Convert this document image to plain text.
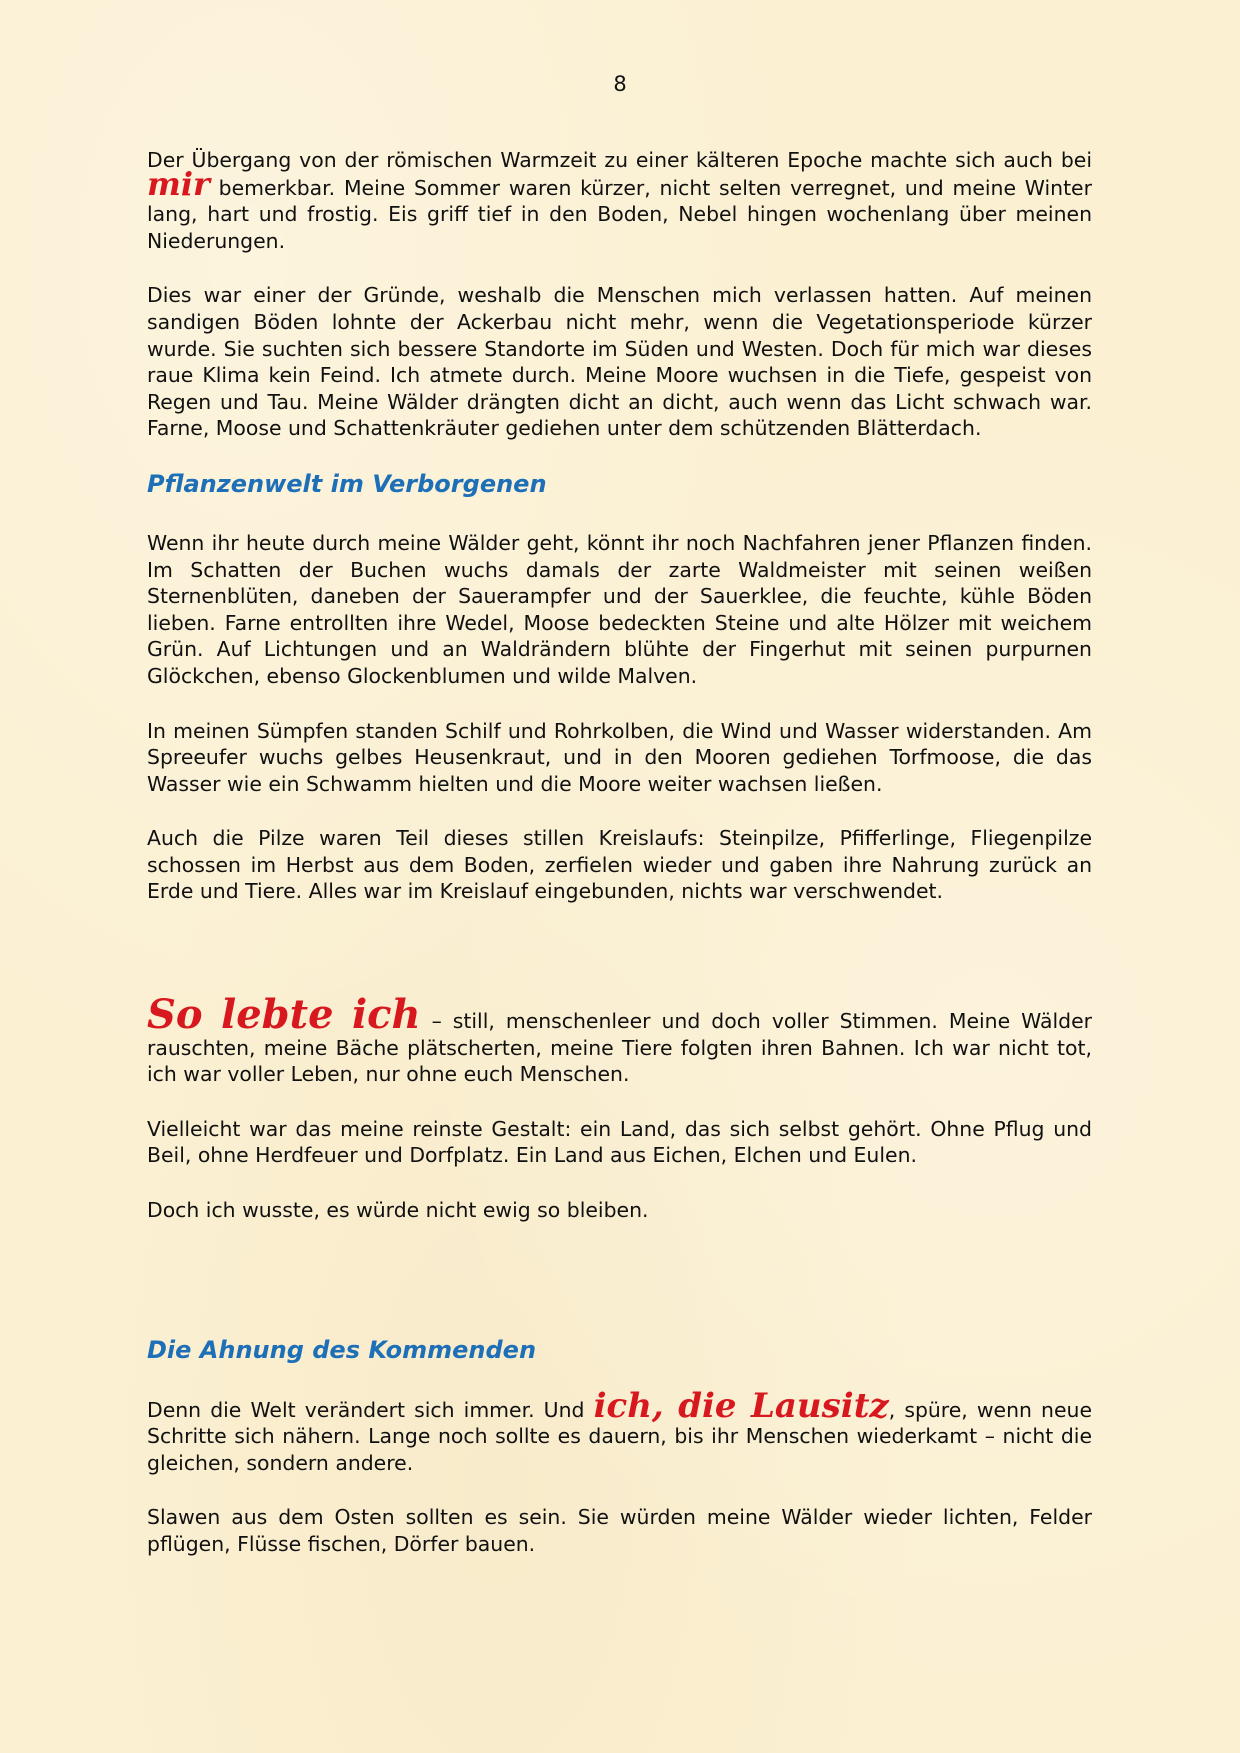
8

Der Übergang von der römischen Warmzeit zu einer kälteren Epoche machte sich auch bei mir bemerkbar. Meine Sommer waren kürzer, nicht selten verregnet, und meine Winter lang, hart und frostig. Eis griff tief in den Boden, Nebel hingen wochenlang über meinen Niederungen.

Dies war einer der Gründe, weshalb die Menschen mich verlassen hatten. Auf meinen sandigen Böden lohnte der Ackerbau nicht mehr, wenn die Vegetationsperiode kürzer wurde. Sie suchten sich bessere Standorte im Süden und Westen. Doch für mich war dieses raue Klima kein Feind. Ich atmete durch. Meine Moore wuchsen in die Tiefe, gespeist von Regen und Tau. Meine Wälder drängten dicht an dicht, auch wenn das Licht schwach war. Farne, Moose und Schattenkräuter gediehen unter dem schützenden Blätterdach.

Pflanzenwelt im Verborgenen

Wenn ihr heute durch meine Wälder geht, könnt ihr noch Nachfahren jener Pflanzen finden. Im Schatten der Buchen wuchs damals der zarte Waldmeister mit seinen weißen Sternenblüten, daneben der Sauerampfer und der Sauerklee, die feuchte, kühle Böden lieben. Farne entrollten ihre Wedel, Moose bedeckten Steine und alte Hölzer mit weichem Grün. Auf Lichtungen und an Waldrändern blühte der Fingerhut mit seinen purpurnen Glöckchen, ebenso Glockenblumen und wilde Malven.

In meinen Sümpfen standen Schilf und Rohrkolben, die Wind und Wasser widerstanden. Am Spreeufer wuchs gelbes Heusenkraut, und in den Mooren gediehen Torfmoose, die das Wasser wie ein Schwamm hielten und die Moore weiter wachsen ließen.

Auch die Pilze waren Teil dieses stillen Kreislaufs: Steinpilze, Pfifferlinge, Fliegenpilze schossen im Herbst aus dem Boden, zerfielen wieder und gaben ihre Nahrung zurück an Erde und Tiere. Alles war im Kreislauf eingebunden, nichts war verschwendet.

So lebte ich – still, menschenleer und doch voller Stimmen. Meine Wälder rauschten, meine Bäche plätscherten, meine Tiere folgten ihren Bahnen. Ich war nicht tot, ich war voller Leben, nur ohne euch Menschen.

Vielleicht war das meine reinste Gestalt: ein Land, das sich selbst gehört. Ohne Pflug und Beil, ohne Herdfeuer und Dorfplatz. Ein Land aus Eichen, Elchen und Eulen.

Doch ich wusste, es würde nicht ewig so bleiben.

Die Ahnung des Kommenden

Denn die Welt verändert sich immer. Und ich, die Lausitz, spüre, wenn neue Schritte sich nähern. Lange noch sollte es dauern, bis ihr Menschen wiederkamt – nicht die gleichen, sondern andere.

Slawen aus dem Osten sollten es sein. Sie würden meine Wälder wieder lichten, Felder pflügen, Flüsse fischen, Dörfer bauen.
